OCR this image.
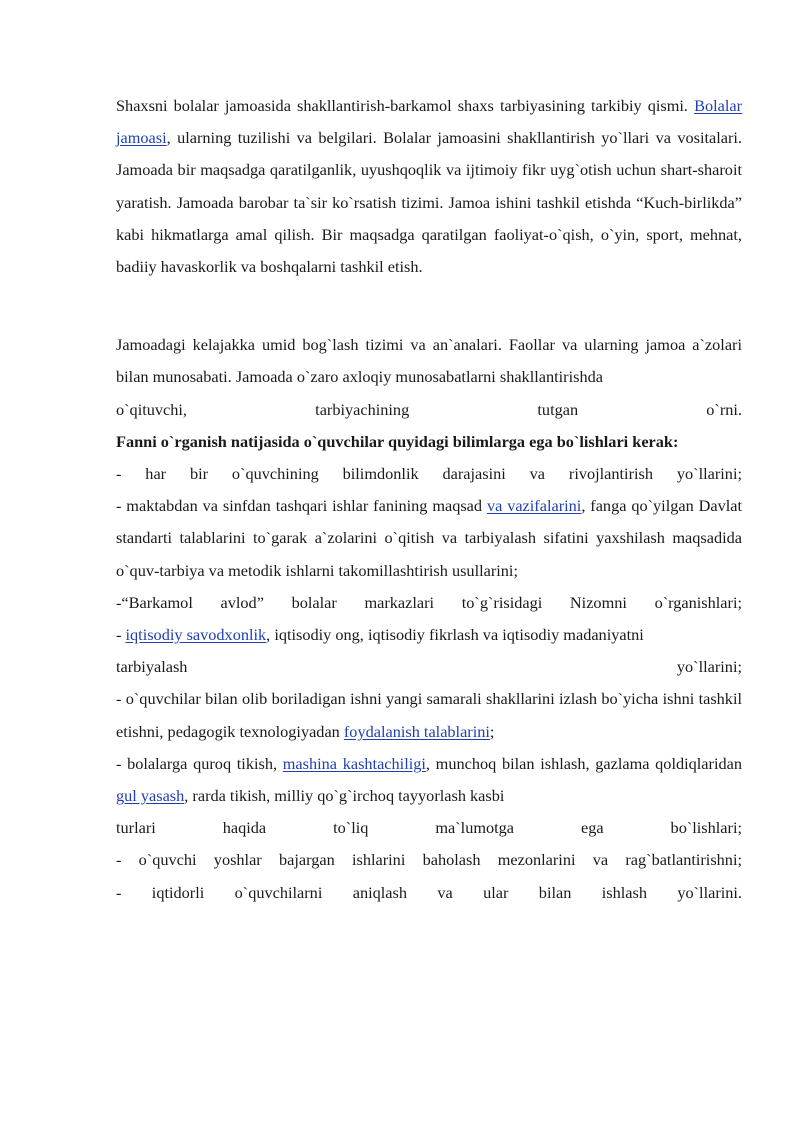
Shaxsni bolalar jamoasida shakllantirish-barkamol shaxs tarbiyasining tarkibiy qismi. Bolalar jamoasi, ularning tuzilishi va belgilari. Bolalar jamoasini shakllantirish yo`llari va vositalari. Jamoada bir maqsadga qaratilganlik, uyushqoqlik va ijtimoiy fikr uyg`otish uchun shart-sharoit yaratish. Jamoada barobar ta`sir ko`rsatish tizimi. Jamoa ishini tashkil etishda “Kuch-birlikda” kabi hikmatlarga amal qilish. Bir maqsadga qaratilgan faoliyat-o`qish, o`yin, sport, mehnat, badiiy havaskorlik va boshqalarni tashkil etish.

Jamoadagi kelajakka umid bog`lash tizimi va an`analari. Faollar va ularning jamoa a`zolari bilan munosabati. Jamoada o`zaro axloqiy munosabatlarni shakllantirishda
o`qituvchi, tarbiyachining tutgan o`rni.

Fanni o`rganish natijasida o`quvchilar quyidagi bilimlarga ega bo`lishlari kerak:

- har bir o`quvchining bilimdonlik darajasini va rivojlantirish yo`llarini;

- maktabdan va sinfdan tashqari ishlar fanining maqsad va vazifalarini, fanga qo`yilgan Davlat standarti talablarini to`garak a`zolarini o`qitish va tarbiyalash sifatini yaxshilash maqsadida o`quv-tarbiya va metodik ishlarni takomillashtirish usullarini;

-“Barkamol avlod” bolalar markazlari to`g`risidagi Nizomni o`rganishlari;

- iqtisodiy savodxonlik, iqtisodiy ong, iqtisodiy fikrlash va iqtisodiy madaniyatni
tarbiyalash yo`llarini;

- o`quvchilar bilan olib boriladigan ishni yangi samarali shakllarini izlash bo`yicha ishni tashkil etishni, pedagogik texnologiyadan foydalanish talablarini;

- bolalarga quroq tikish, mashina kashtachiligi, munchoq bilan ishlash, gazlama qoldiqlaridan gul yasash, rarda tikish, milliy qo`g`irchoq tayyorlash kasbi
turlari haqida to`liq ma`lumotga ega bo`lishlari;

- o`quvchi yoshlar bajargan ishlarini baholash mezonlarini va rag`batlantirishni;

- iqtidorli o`quvchilarni aniqlash va ular bilan ishlash yo`llarini.
